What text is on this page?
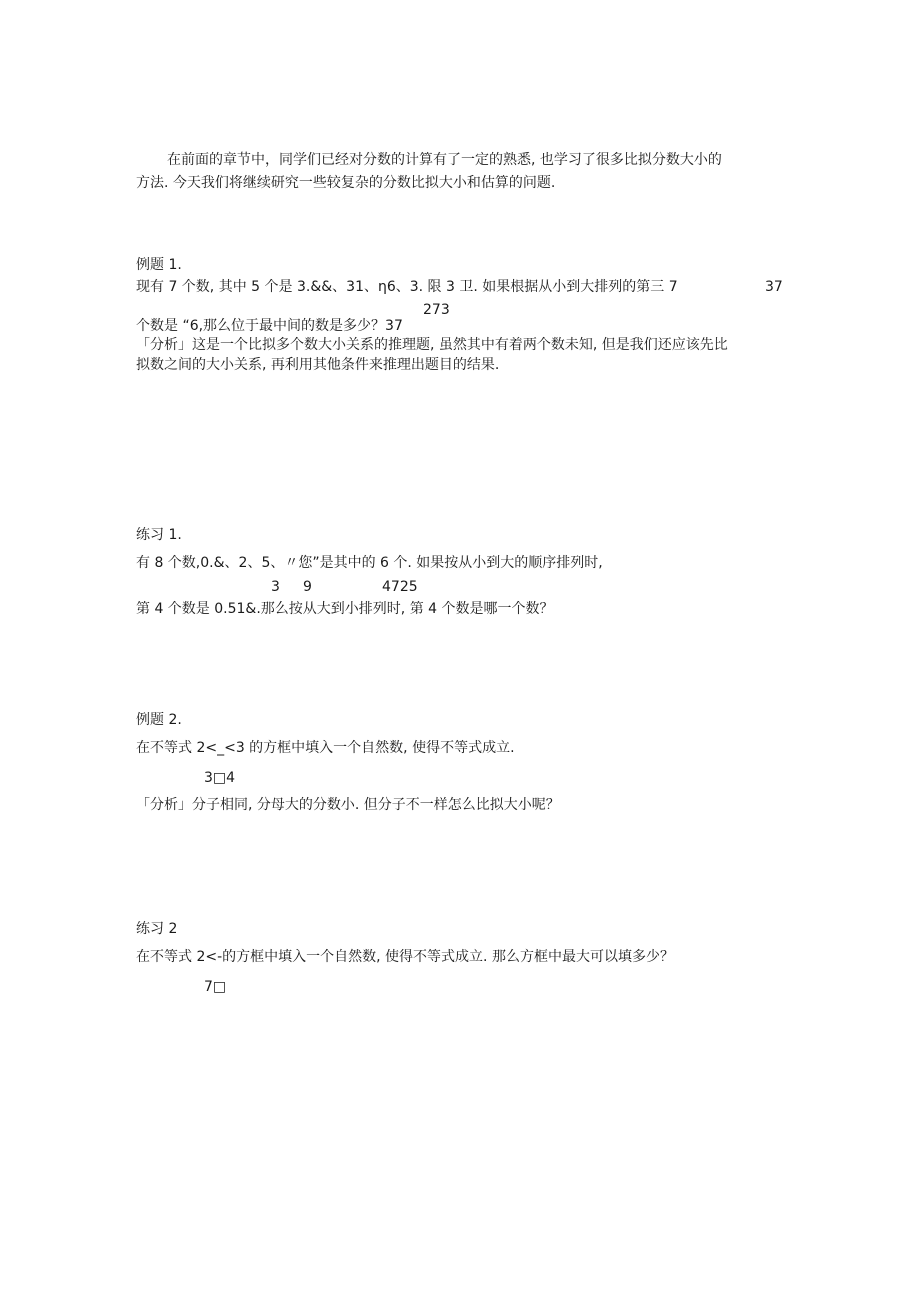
在前面的章节中，同学们已经对分数的计算有了一定的熟悉, 也学习了很多比拟分数大小的
方法. 今天我们将继续研究一些较复杂的分数比拟大小和估算的问题.
例题 1.
现有 7 个数, 其中 5 个是 3.&&、31、η6、3. 限 3 卫. 如果根据从小到大排列的第三 7	37
273
个数是 “6,那么位于最中间的数是多少？37
「分析」这是一个比拟多个数大小关系的推理题, 虽然其中有着两个数未知, 但是我们还应该先比
拟数之间的大小关系, 再利用其他条件来推理出题目的结果.
练习 1.
有 8 个数,0.&、2、5、〃您”是其中的 6 个. 如果按从小到大的顺序排列时,
3 9	4725
第 4 个数是 0.51&.那么按从大到小排列时, 第 4 个数是哪一个数？
例题 2.
在不等式 2<_<3 的方框中填入一个自然数, 使得不等式成立.
3□4
「分析」分子相同, 分母大的分数小. 但分子不一样怎么比拟大小呢？
练习 2
在不等式 2<-的方框中填入一个自然数, 使得不等式成立. 那么方框中最大可以填多少？
7□
